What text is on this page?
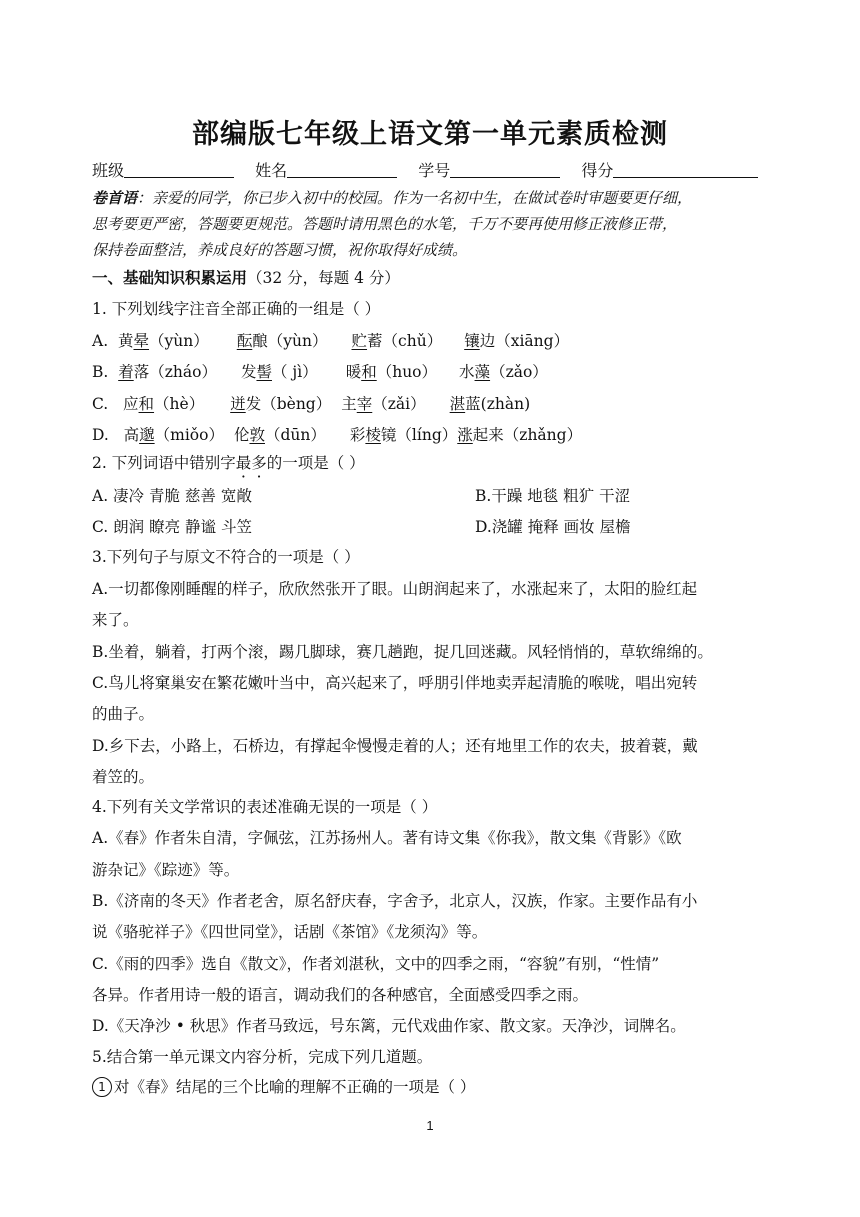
部编版七年级上语文第一单元素质检测
班级	姓名	学号	得分
卷首语：亲爱的同学，你已步入初中的校园。作为一名初中生，在做试卷时审题要更仔细，
思考要更严密，答题要更规范。答题时请用黑色的水笔，千万不要再使用修正液修正带，
保持卷面整洁，养成良好的答题习惯，祝你取得好成绩。
一、基础知识积累运用（32 分，每题 4 分）
1. 下列划线字注音全部正确的一组是（ ）
A. 黄晕（yùn） 酝酿（yùn） 贮蓄（chǔ） 镶边（xiāng）
B. 着落（zháo） 发髻（ jì） 暖和（huo） 水藻（zǎo）
C. 应和（hè） 迸发（bèng） 主宰（zǎi） 湛蓝(zhàn)
D. 高邈（miǒo） 伦敦（dūn） 彩棱镜（líng）涨起来（zhǎng）
2. 下列词语中错别字最多的一项是（ ）
A. 凄冷 青脆 慈善 宽敞	B.干躁 地毯 粗犷 干涩
C. 朗润 瞭亮 静谧 斗笠	D.浇罐 掩释 画妆 屋檐
3.下列句子与原文不符合的一项是（ ）
A.一切都像刚睡醒的样子，欣欣然张开了眼。山朗润起来了，水涨起来了，太阳的脸红起
来了。
B.坐着，躺着，打两个滚，踢几脚球，赛几趟跑，捉几回迷藏。风轻悄悄的，草软绵绵的。
C.鸟儿将窠巢安在繁花嫩叶当中，高兴起来了，呼朋引伴地卖弄起清脆的喉咙，唱出宛转
的曲子。
D.乡下去，小路上，石桥边，有撑起伞慢慢走着的人；还有地里工作的农夫，披着蓑，戴
着笠的。
4.下列有关文学常识的表述准确无误的一项是（ ）
A.《春》作者朱自清，字佩弦，江苏扬州人。著有诗文集《你我》，散文集《背影》《欧
游杂记》《踪迹》等。
B.《济南的冬天》作者老舍，原名舒庆春，字舍予，北京人，汉族，作家。主要作品有小
说《骆驼祥子》《四世同堂》，话剧《茶馆》《龙须沟》等。
C.《雨的四季》选自《散文》，作者刘湛秋，文中的四季之雨，“容貌”有别，“性情”
各异。作者用诗一般的语言，调动我们的各种感官，全面感受四季之雨。
D.《天净沙 • 秋思》作者马致远，号东篱，元代戏曲作家、散文家。天净沙，词牌名。
5.结合第一单元课文内容分析，完成下列几道题。
1 对《春》结尾的三个比喻的理解不正确的一项是（ ）
1
